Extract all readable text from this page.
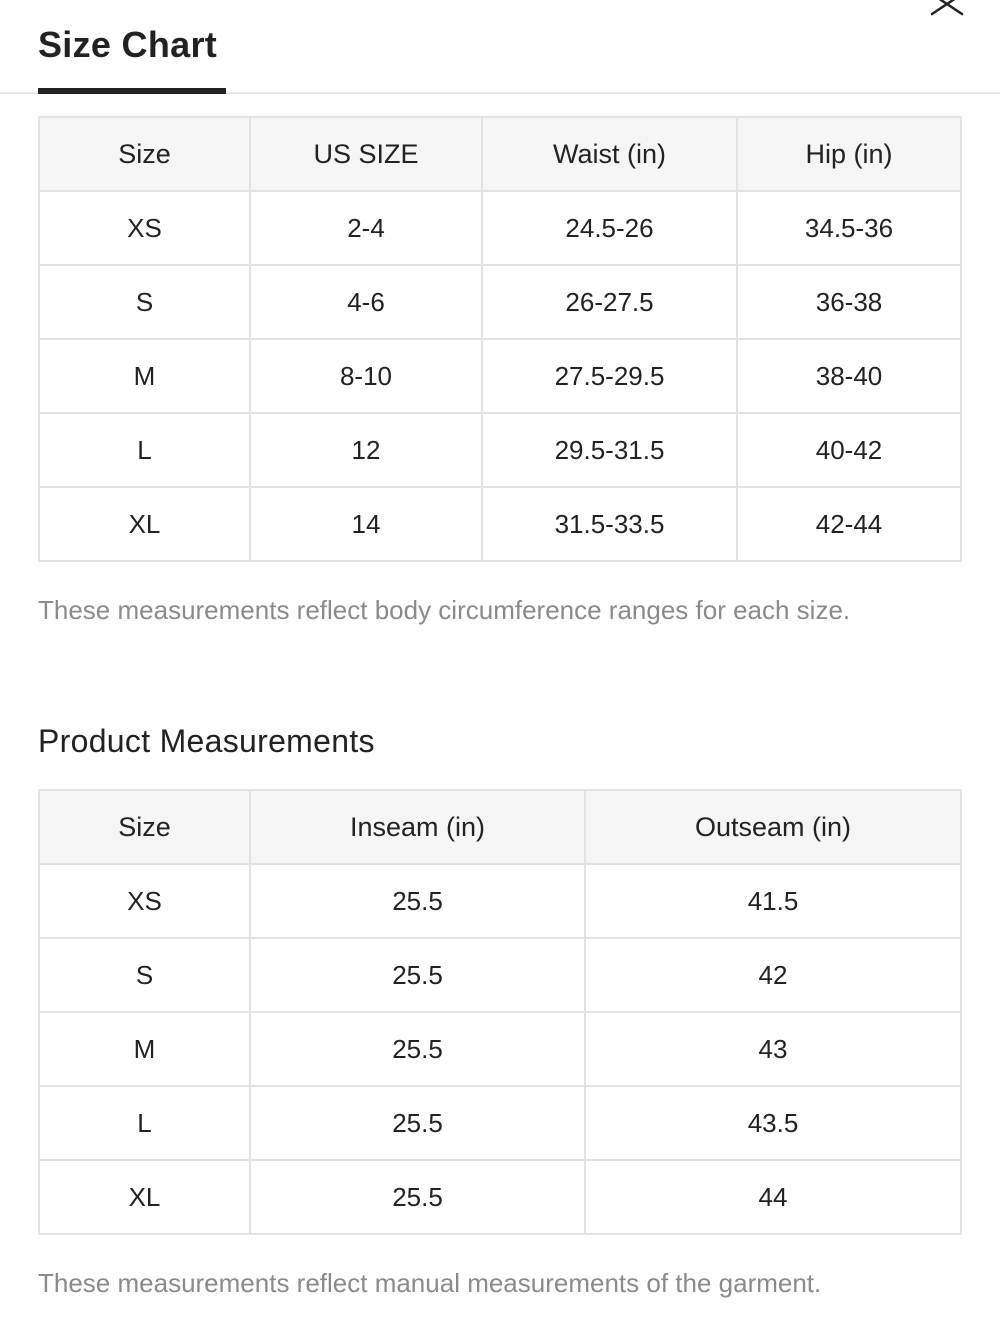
Size Chart
Size	US SIZE	Waist (in)	Hip (in)
XS	2-4	24.5-26	34.5-36
S	4-6	26-27.5	36-38
M	8-10	27.5-29.5	38-40
L	12	29.5-31.5	40-42
XL	14	31.5-33.5	42-44
These measurements reflect body circumference ranges for each size.
Product Measurements
Size	Inseam (in)	Outseam (in)
XS	25.5	41.5
S	25.5	42
M	25.5	43
L	25.5	43.5
XL	25.5	44
These measurements reflect manual measurements of the garment.
